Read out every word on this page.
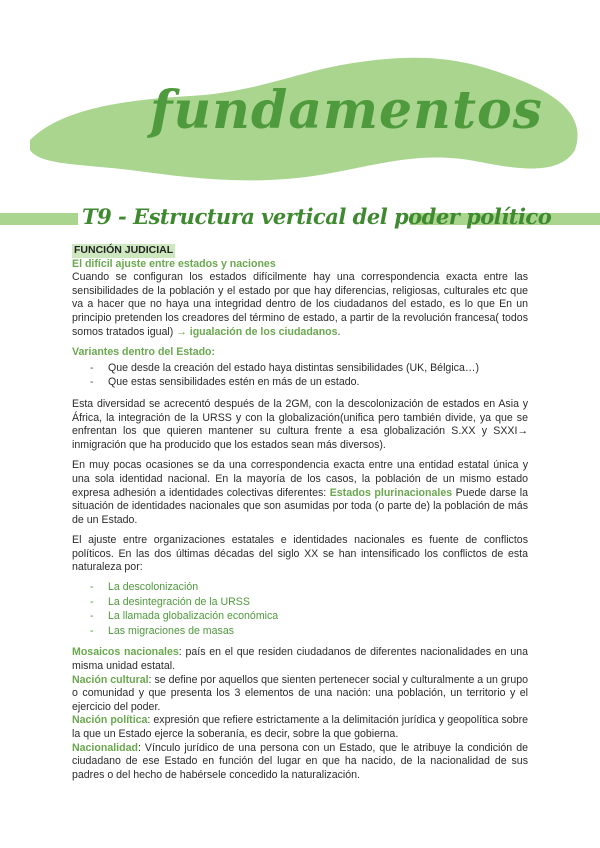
fundamentos
T9 - Estructura vertical del poder político
FUNCIÓN JUDICIAL
El difícil ajuste entre estados y naciones

Cuando se configuran los estados difícilmente hay una correspondencia exacta entre las sensibilidades de la población y el estado por que hay diferencias, religiosas, culturales etc que va a hacer que no haya una integridad dentro de los ciudadanos del estado, es lo que En un principio pretenden los creadores del término de estado, a partir de la revolución francesa( todos somos tratados igual) → igualación de los ciudadanos.

Variantes dentro del Estado:
- Que desde la creación del estado haya distintas sensibilidades (UK, Bélgica…)
- Que estas sensibilidades estén en más de un estado.

Esta diversidad se acrecentó después de la 2GM, con la descolonización de estados en Asia y África, la integración de la URSS y con la globalización(unifica pero también divide, ya que se enfrentan los que quieren mantener su cultura frente a esa globalización S.XX y SXXI→ inmigración que ha producido que los estados sean más diversos).

En muy pocas ocasiones se da una correspondencia exacta entre una entidad estatal única y una sola identidad nacional. En la mayoría de los casos, la población de un mismo estado expresa adhesión a identidades colectivas diferentes: Estados plurinacionales Puede darse la situación de identidades nacionales que son asumidas por toda (o parte de) la población de más de un Estado.

El ajuste entre organizaciones estatales e identidades nacionales es fuente de conflictos políticos. En las dos últimas décadas del siglo XX se han intensificado los conflictos de esta naturaleza por:

- La descolonización
- La desintegración de la URSS
- La llamada globalización económica
- Las migraciones de masas

Mosaicos nacionales: país en el que residen ciudadanos de diferentes nacionalidades en una misma unidad estatal.

Nación cultural: se define por aquellos que sienten pertenecer social y culturalmente a un grupo o comunidad y que presenta los 3 elementos de una nación: una población, un territorio y el ejercicio del poder.

Nación política: expresión que refiere estrictamente a la delimitación jurídica y geopolítica sobre la que un Estado ejerce la soberanía, es decir, sobre la que gobierna.

Nacionalidad: Vínculo jurídico de una persona con un Estado, que le atribuye la condición de ciudadano de ese Estado en función del lugar en que ha nacido, de la nacionalidad de sus padres o del hecho de habérsele concedido la naturalización.
